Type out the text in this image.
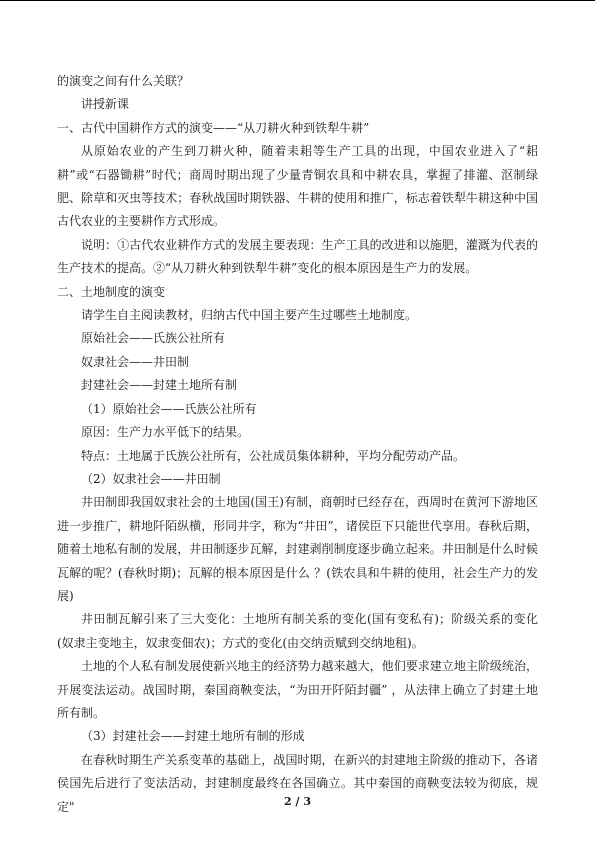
的演变之间有什么关联？

讲授新课

一、古代中国耕作方式的演变——“从刀耕火种到铁犁牛耕”

从原始农业的产生到刀耕火种，随着耒耜等生产工具的出现，中国农业进入了“耜耕”或“石器锄耕”时代；商周时期出现了少量青铜农具和中耕农具，掌握了排灌、沤制绿肥、除草和灭虫等技术；春秋战国时期铁器、牛耕的使用和推广，标志着铁犁牛耕这种中国古代农业的主要耕作方式形成。

说明：①古代农业耕作方式的发展主要表现：生产工具的改进和以施肥，灌溉为代表的生产技术的提高。②“从刀耕火种到铁犁牛耕”变化的根本原因是生产力的发展。

二、土地制度的演变

请学生自主阅读教材，归纳古代中国主要产生过哪些土地制度。

原始社会——氏族公社所有

奴隶社会——井田制

封建社会——封建土地所有制

（1）原始社会——氏族公社所有

原因：生产力水平低下的结果。

特点：土地属于氏族公社所有，公社成员集体耕种，平均分配劳动产品。

（2）奴隶社会——井田制

井田制即我国奴隶社会的土地国(国王)有制，商朝时已经存在，西周时在黄河下游地区进一步推广，耕地阡陌纵横，形同井字，称为“井田”，诸侯臣下只能世代享用。春秋后期，随着土地私有制的发展，井田制逐步瓦解，封建剥削制度逐步确立起来。井田制是什么时候瓦解的呢？(春秋时期)；瓦解的根本原因是什么 ？(铁农具和牛耕的使用，社会生产力的发展)

井田制瓦解引来了三大变化：土地所有制关系的变化(国有变私有)；阶级关系的变化(奴隶主变地主，奴隶变佃农)；方式的变化(由交纳贡赋到交纳地租)。

土地的个人私有制发展使新兴地主的经济势力越来越大，他们要求建立地主阶级统治，开展变法运动。战国时期，秦国商鞅变法，“为田开阡陌封疆” ，从法律上确立了封建土地所有制。

（3）封建社会——封建土地所有制的形成

在春秋时期生产关系变革的基础上，战国时期，在新兴的封建地主阶级的推动下，各诸侯国先后进行了变法活动，封建制度最终在各国确立。其中秦国的商鞅变法较为彻底，规定"	2 / 3
